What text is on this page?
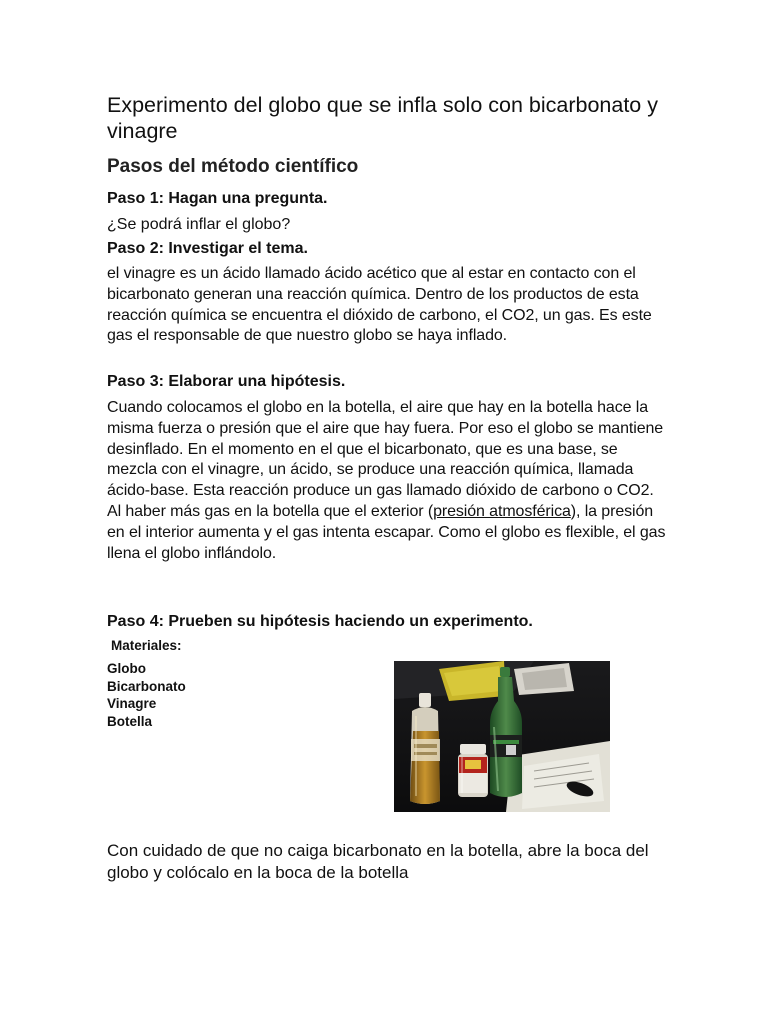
Experimento del globo que se infla solo con bicarbonato y vinagre
Pasos del método científico
Paso 1: Hagan una pregunta.
¿Se podrá inflar el globo?
Paso 2: Investigar el tema.
el vinagre es un ácido llamado ácido acético que al estar en contacto con el bicarbonato generan una reacción química. Dentro de los productos de esta reacción química se encuentra el dióxido de carbono, el CO2, un gas. Es este gas el responsable de que nuestro globo se haya inflado.
Paso 3: Elaborar una hipótesis.
Cuando colocamos el globo en la botella, el aire que hay en la botella hace la misma fuerza o presión que el aire que hay fuera. Por eso el globo se mantiene desinflado. En el momento en el que el bicarbonato, que es una base, se mezcla con el vinagre, un ácido, se produce una reacción química, llamada ácido-base. Esta reacción produce un gas llamado dióxido de carbono o CO2. Al haber más gas en la botella que el exterior (presión atmosférica), la presión en el interior aumenta y el gas intenta escapar. Como el globo es flexible, el gas llena el globo inflándolo.
Paso 4: Prueben su hipótesis haciendo un experimento.
Materiales:
Globo
Bicarbonato
Vinagre
Botella
Con cuidado de que no caiga bicarbonato en la botella, abre la boca del globo y colócalo en la boca de la botella
